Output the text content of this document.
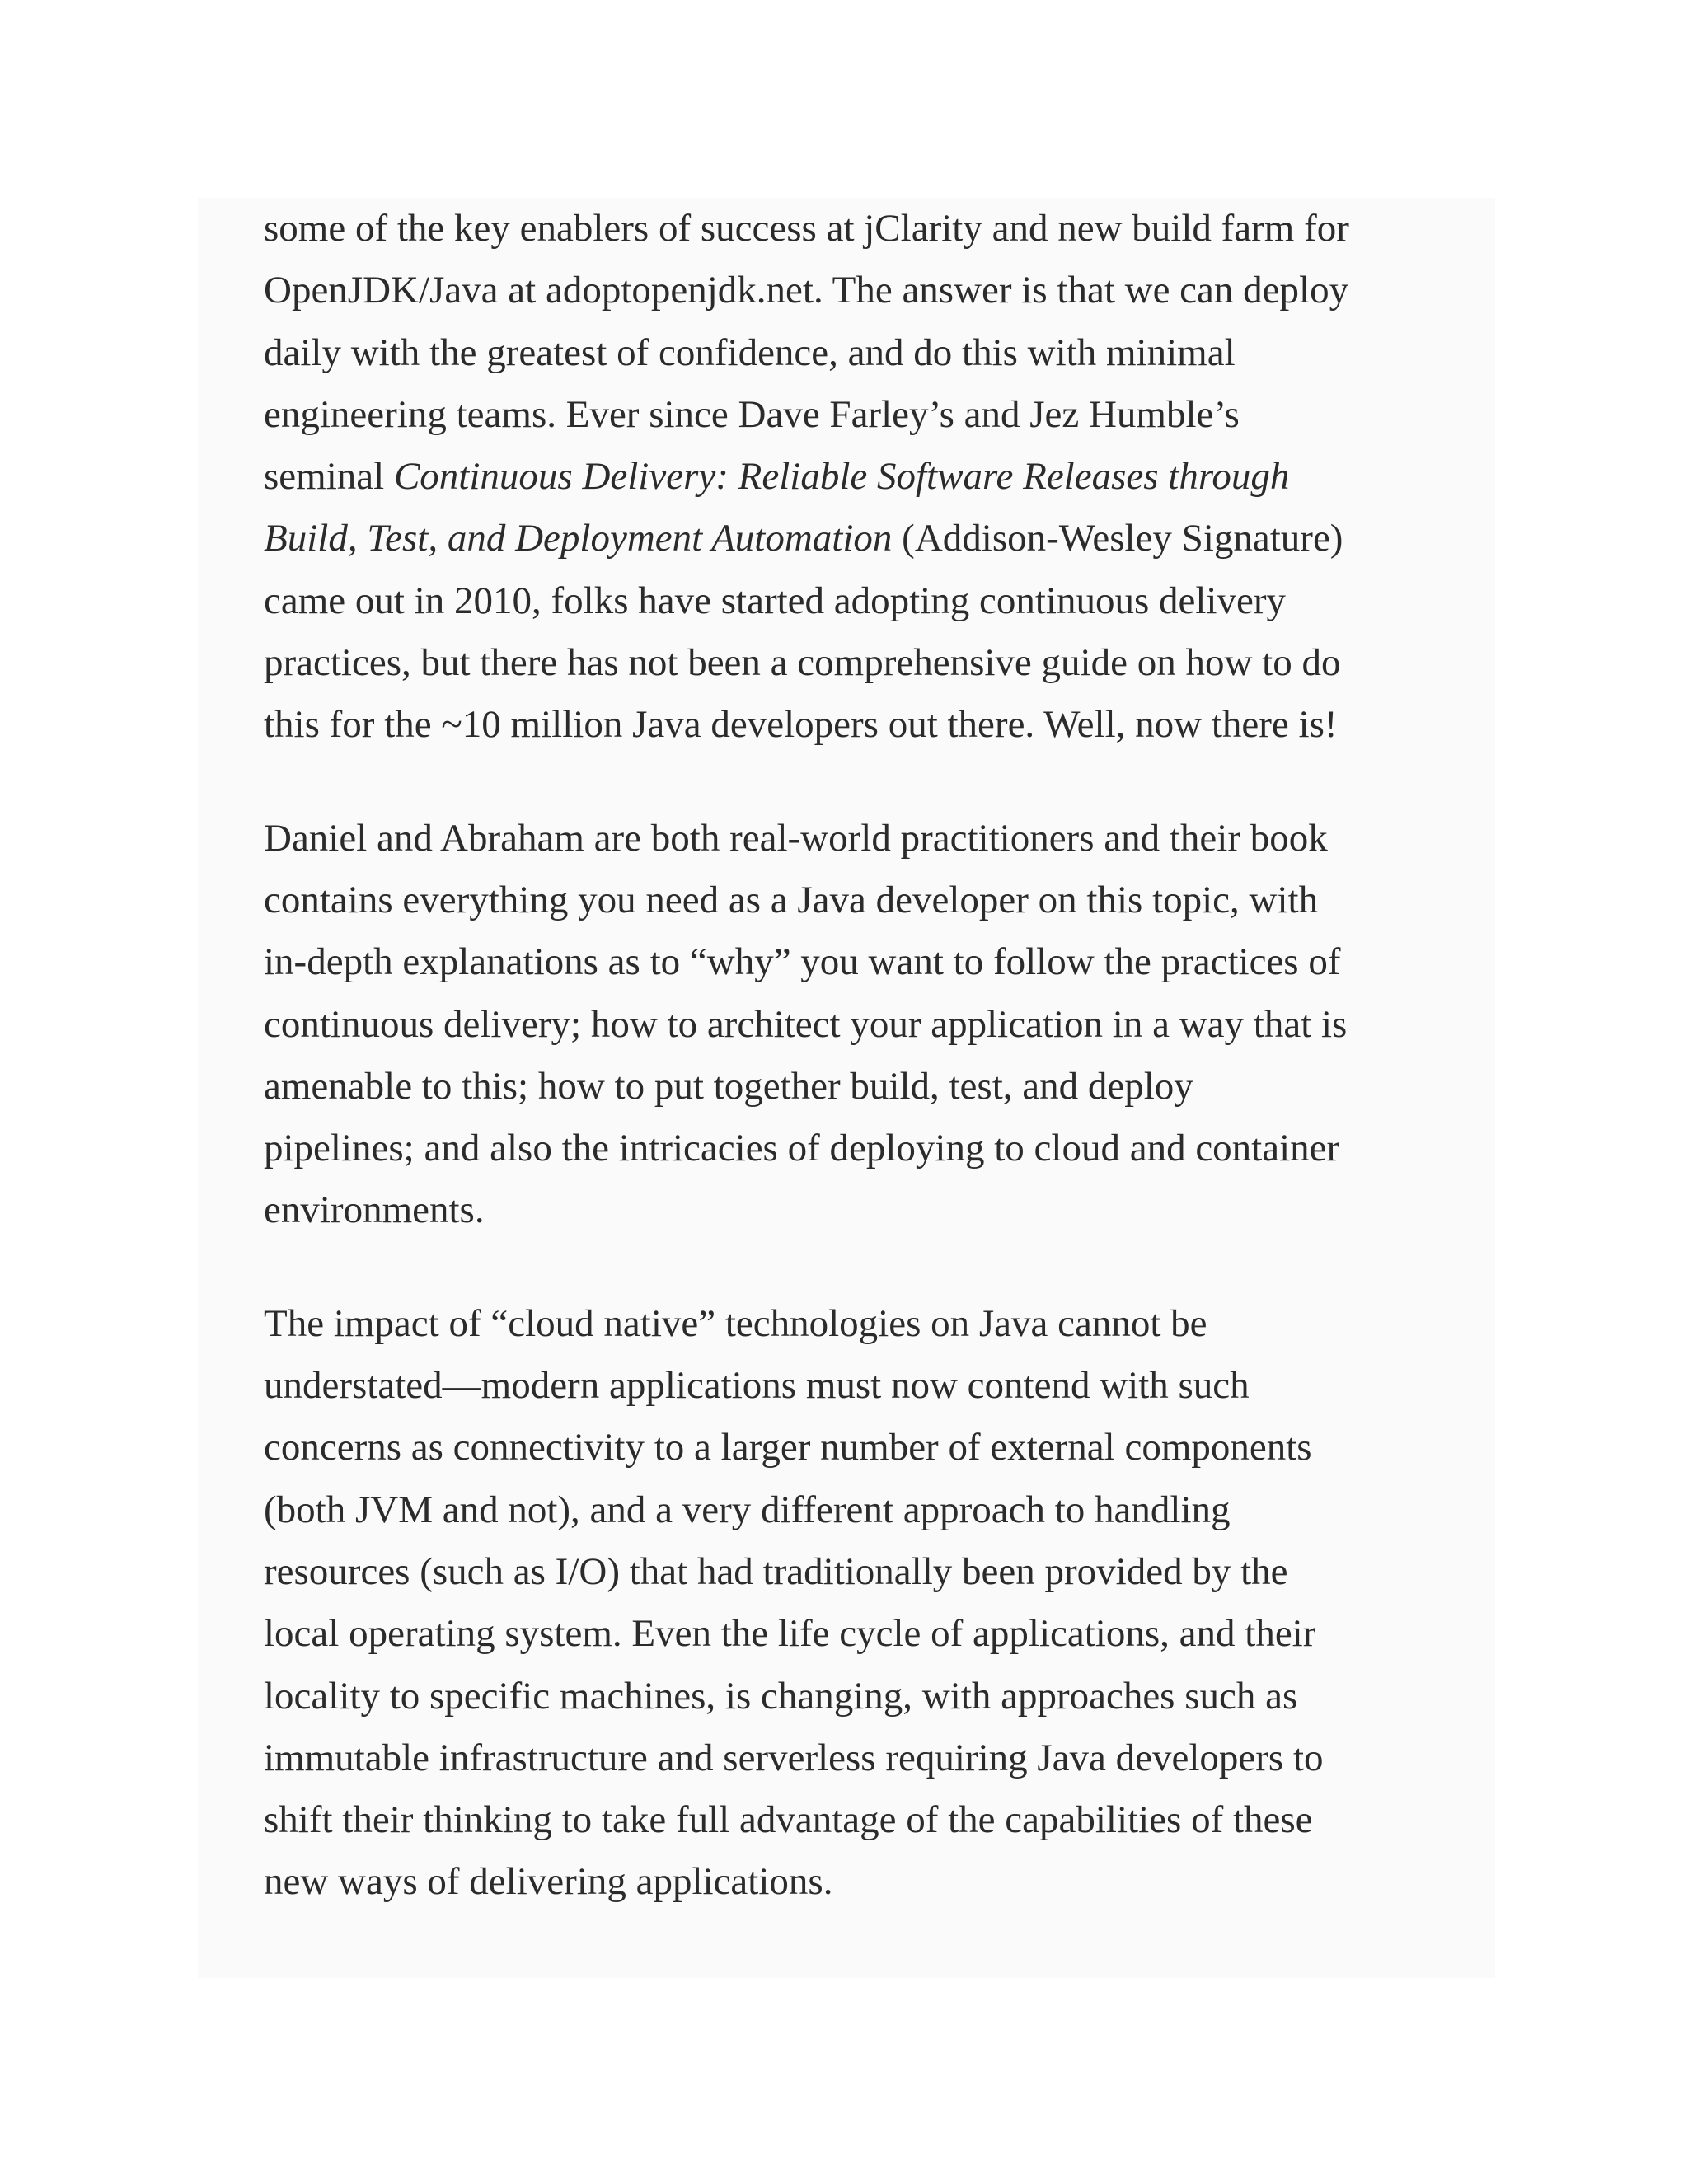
some of the key enablers of success at jClarity and new build farm for
OpenJDK/Java at adoptopenjdk.net. The answer is that we can deploy
daily with the greatest of confidence, and do this with minimal
engineering teams. Ever since Dave Farley’s and Jez Humble’s
seminal Continuous Delivery: Reliable Software Releases through
Build, Test, and Deployment Automation (Addison-Wesley Signature)
came out in 2010, folks have started adopting continuous delivery
practices, but there has not been a comprehensive guide on how to do
this for the ~10 million Java developers out there. Well, now there is!

Daniel and Abraham are both real-world practitioners and their book
contains everything you need as a Java developer on this topic, with
in-depth explanations as to “why” you want to follow the practices of
continuous delivery; how to architect your application in a way that is
amenable to this; how to put together build, test, and deploy
pipelines; and also the intricacies of deploying to cloud and container
environments.

The impact of “cloud native” technologies on Java cannot be
understated—modern applications must now contend with such
concerns as connectivity to a larger number of external components
(both JVM and not), and a very different approach to handling
resources (such as I/O) that had traditionally been provided by the
local operating system. Even the life cycle of applications, and their
locality to specific machines, is changing, with approaches such as
immutable infrastructure and serverless requiring Java developers to
shift their thinking to take full advantage of the capabilities of these
new ways of delivering applications.
